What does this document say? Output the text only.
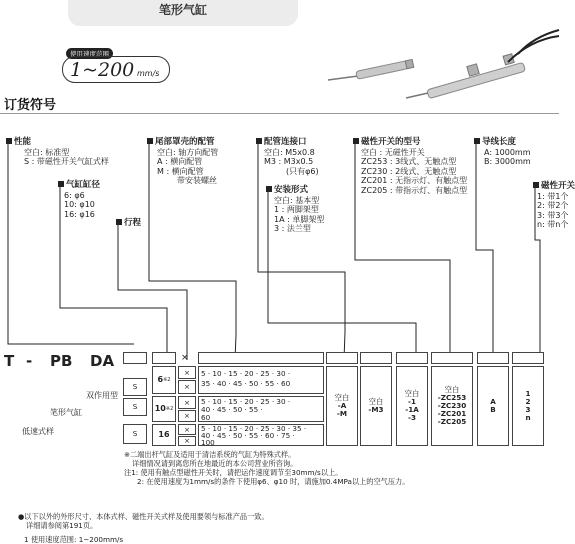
笔形气缸
使用速度范围
1~200 mm/s
订货符号
性能
空白: 标准型
S : 带磁性开关气缸式样
气缸缸径
6: φ6
10: φ10
16: φ16
行程
尾部罩壳的配管
空白: 轴方向配管
A : 横向配管
M : 横向配管
带安装螺丝
配管连接口
空白: M5x0.8
M3 : M3x0.5
(只有φ6)
安装形式
空白: 基本型
1 : 两脚架型
1A : 单脚架型
3 : 法兰型
磁性开关的型号
空白 : 无磁性开关
ZC253 : 3线式、无触点型
ZC230 : 2线式、无触点型
ZC201 : 无指示灯、有触点型
ZC205 : 带指示灯、有触点型
导线长度
A: 1000mm
B: 3000mm
磁性开关
1: 带1个
2: 带2个
3: 带3个
n: 带n个
T - PB DA	×
双作用型
笔形气缸
低速式样
S
S
S
6 ※2
10 ※2
16
×
×
×
×
×
×
5 · 10 · 15 · 20 · 25 · 30 ·
35 · 40 · 45 · 50 · 55 · 60
5 · 10 · 15 · 20 · 25 · 30 ·
40 · 45 · 50 · 55 ·
60
5 · 10 · 15 · 20 · 25 · 30 · 35 ·
40 · 45 · 50 · 55 · 60 · 75 ·
100
空白
-A
-M
空白
-M3
空白
-1
-1A
-3
空白
-ZC253
-ZC230
-ZC201
-ZC205
A
B
1
2
3
n
※二端出杆气缸及适用于清洁系统的气缸为特殊式样。
详细情况请到离您所在地最近的本公司营业所咨询。
注1: 使用有触点型磁性开关时，请把运作速度调节至30mm/s以上。
2: 在使用速度为1mm/s的条件下使用φ6、φ10 时，请施加0.4MPa以上的空气压力。
●以下以外的外形尺寸、本体式样、磁性开关式样及使用要领与标准产品一致。
详细请参阅第191页。
1 使用速度范围: 1~200mm/s
